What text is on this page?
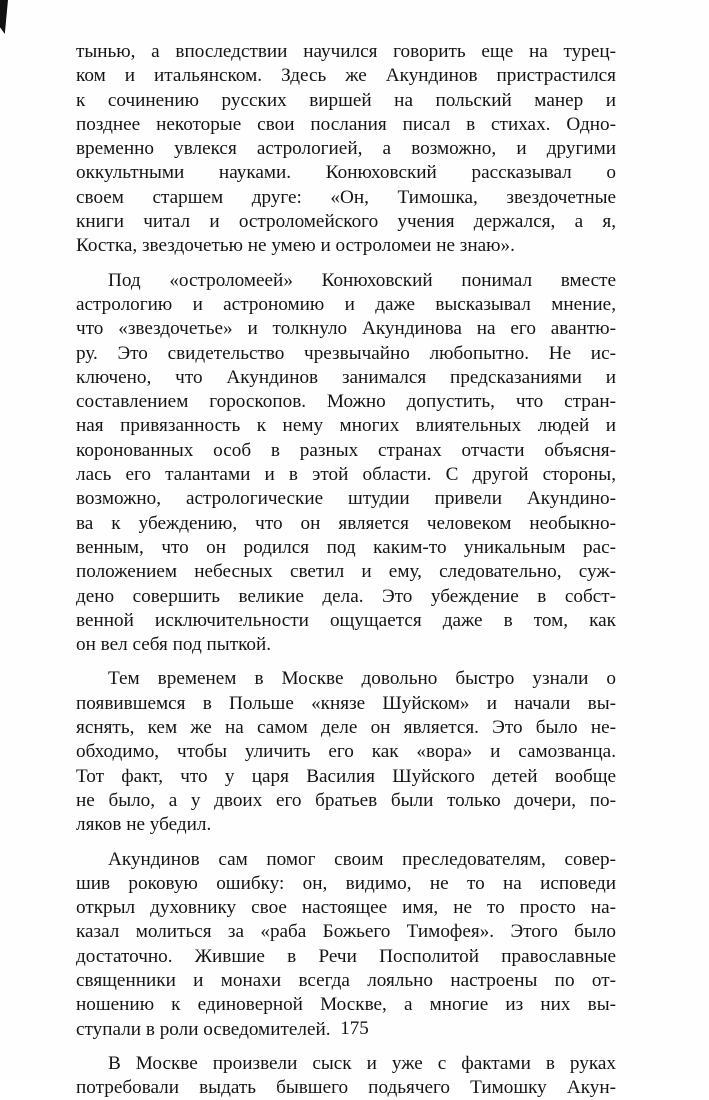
тынью, а впоследствии научился говорить еще на турец-
ком и итальянском. Здесь же Акундинов пристрастился
к сочинению русских виршей на польский манер и
позднее некоторые свои послания писал в стихах. Одно-
временно увлекся астрологией, а возможно, и другими
оккультными науками. Конюховский рассказывал о
своем старшем друге: «Он, Тимошка, звездочетные
книги читал и остроломейского учения держался, а я,
Костка, звездочетью не умею и остроломеи не знаю».
Под «остроломеей» Конюховский понимал вместе
астрологию и астрономию и даже высказывал мнение,
что «звездочетье» и толкнуло Акундинова на его авантю-
ру. Это свидетельство чрезвычайно любопытно. Не ис-
ключено, что Акундинов занимался предсказаниями и
составлением гороскопов. Можно допустить, что стран-
ная привязанность к нему многих влиятельных людей и
коронованных особ в разных странах отчасти объясня-
лась его талантами и в этой области. С другой стороны,
возможно, астрологические штудии привели Акундино-
ва к убеждению, что он является человеком необыкно-
венным, что он родился под каким-то уникальным рас-
положением небесных светил и ему, следовательно, суж-
дено совершить великие дела. Это убеждение в собст-
венной исключительности ощущается даже в том, как
он вел себя под пыткой.
Тем временем в Москве довольно быстро узнали о
появившемся в Польше «князе Шуйском» и начали вы-
яснять, кем же на самом деле он является. Это было не-
обходимо, чтобы уличить его как «вора» и самозванца.
Тот факт, что у царя Василия Шуйского детей вообще
не было, а у двоих его братьев были только дочери, по-
ляков не убедил.
Акундинов сам помог своим преследователям, совер-
шив роковую ошибку: он, видимо, не то на исповеди
открыл духовнику свое настоящее имя, не то просто на-
казал молиться за «раба Божьего Тимофея». Этого было
достаточно. Жившие в Речи Посполитой православные
священники и монахи всегда лояльно настроены по от-
ношению к единоверной Москве, а многие из них вы-
ступали в роли осведомителей.
В Москве произвели сыск и уже с фактами в руках
потребовали выдать бывшего подьячего Тимошку Акун-
175
